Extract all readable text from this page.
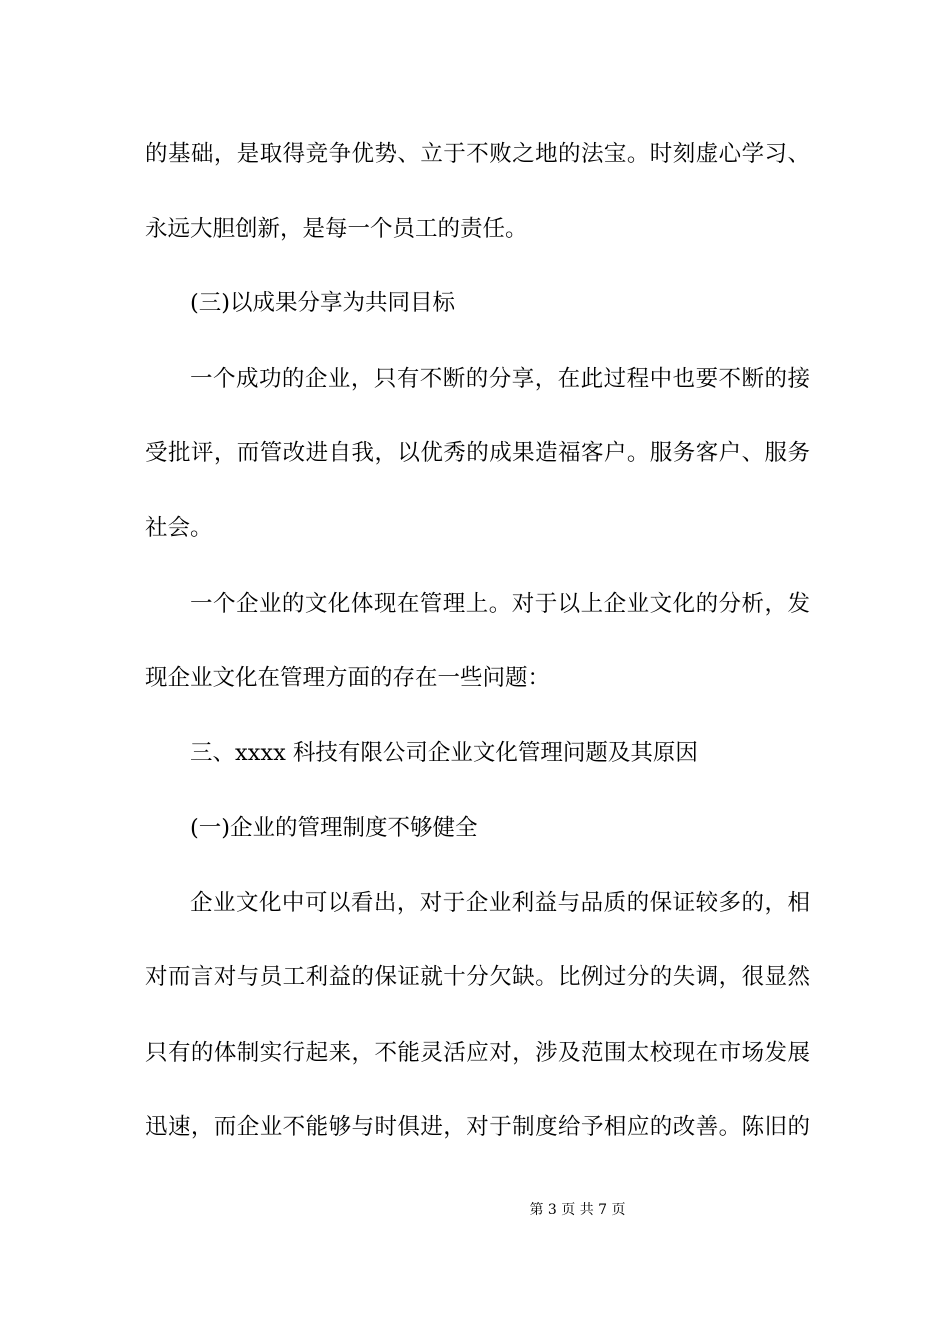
的基础，是取得竞争优势、立于不败之地的法宝。时刻虚心学习、
永远大胆创新，是每一个员工的责任。
(三)以成果分享为共同目标
一个成功的企业，只有不断的分享，在此过程中也要不断的接
受批评，而管改进自我，以优秀的成果造福客户。服务客户、服务
社会。
一个企业的文化体现在管理上。对于以上企业文化的分析，发
现企业文化在管理方面的存在一些问题：
三、xxxx 科技有限公司企业文化管理问题及其原因
(一)企业的管理制度不够健全
企业文化中可以看出，对于企业利益与品质的保证较多的，相
对而言对与员工利益的保证就十分欠缺。比例过分的失调，很显然
只有的体制实行起来，不能灵活应对，涉及范围太校现在市场发展
迅速，而企业不能够与时俱进，对于制度给予相应的改善。陈旧的
第 3 页 共 7 页
